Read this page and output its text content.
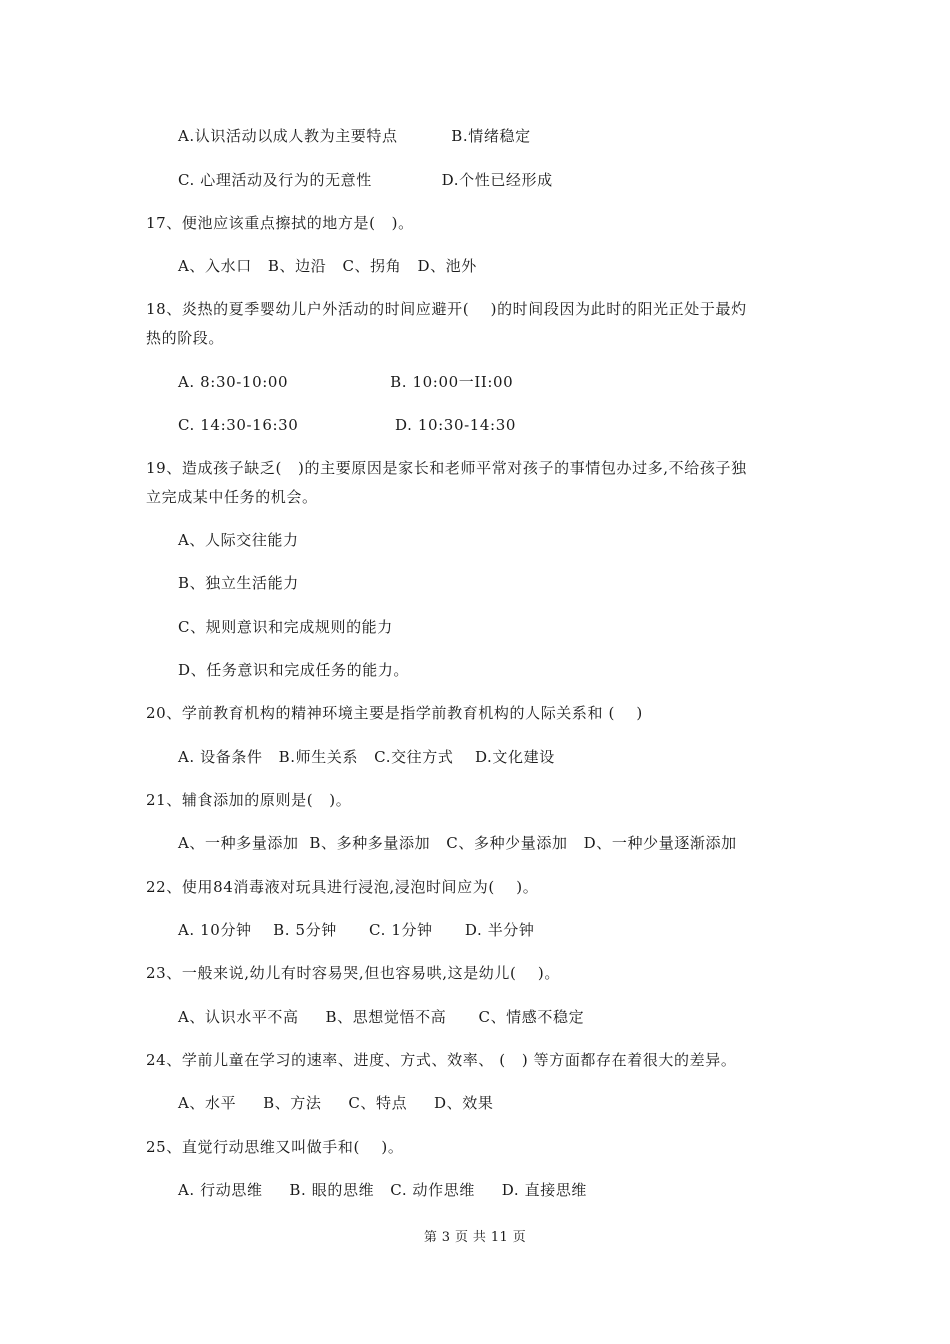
A.认识活动以成人教为主要特点          B.情绪稳定
C. 心理活动及行为的无意性             D.个性已经形成
17、便池应该重点擦拭的地方是(   )。
A、入水口   B、边沿   C、拐角   D、池外
18、炎热的夏季婴幼儿户外活动的时间应避开(    )的时间段因为此时的阳光正处于最灼
热的阶段。
A. 8:30-10:00                   B. 10:00一II:00
C. 14:30-16:30                  D. 10:30-14:30
19、造成孩子缺乏(   )的主要原因是家长和老师平常对孩子的事情包办过多,不给孩子独
立完成某中任务的机会。
A、人际交往能力
B、独立生活能力
C、规则意识和完成规则的能力
D、任务意识和完成任务的能力。
20、学前教育机构的精神环境主要是指学前教育机构的人际关系和 (    )
A. 设备条件   B.师生关系   C.交往方式    D.文化建设
21、辅食添加的原则是(   )。
A、一种多量添加  B、多种多量添加   C、多种少量添加   D、一种少量逐渐添加
22、使用84消毒液对玩具进行浸泡,浸泡时间应为(    )。
A. 10分钟    B. 5分钟      C. 1分钟      D. 半分钟
23、一般来说,幼儿有时容易哭,但也容易哄,这是幼儿(    )。
A、认识水平不高     B、思想觉悟不高      C、情感不稳定
24、学前儿童在学习的速率、进度、方式、效率、 (   ) 等方面都存在着很大的差异。
A、水平     B、方法     C、特点     D、效果
25、直觉行动思维又叫做手和(    )。
A. 行动思维     B. 眼的思维   C. 动作思维     D. 直接思维
第 3 页 共 11 页
